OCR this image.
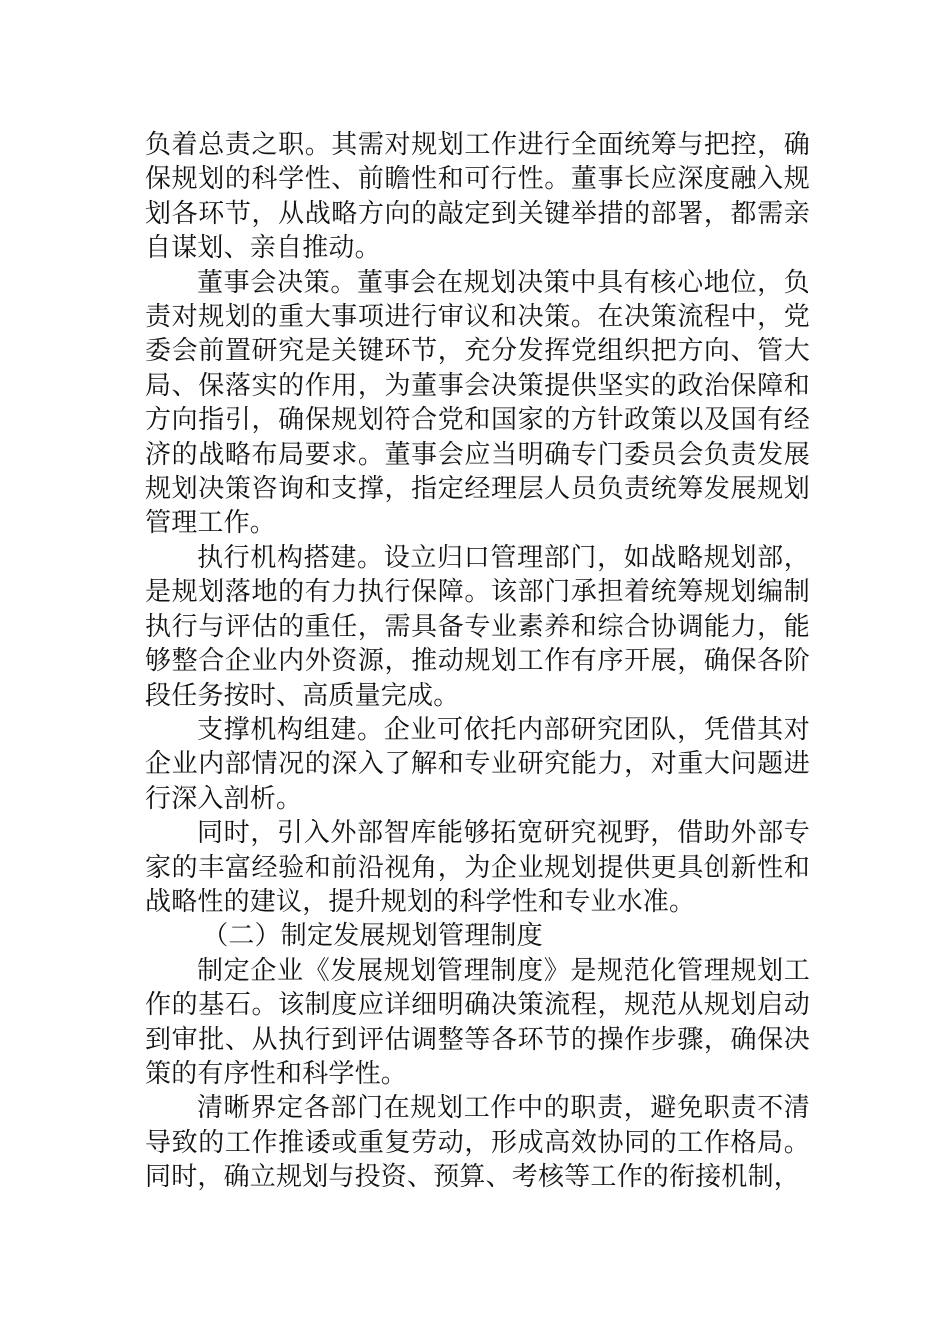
负着总责之职。其需对规划工作进行全面统筹与把控，确保规划的科学性、前瞻性和可行性。董事长应深度融入规划各环节，从战略方向的敲定到关键举措的部署，都需亲自谋划、亲自推动。

董事会决策。董事会在规划决策中具有核心地位，负责对规划的重大事项进行审议和决策。在决策流程中，党委会前置研究是关键环节，充分发挥党组织把方向、管大局、保落实的作用，为董事会决策提供坚实的政治保障和方向指引，确保规划符合党和国家的方针政策以及国有经济的战略布局要求。董事会应当明确专门委员会负责发展规划决策咨询和支撑，指定经理层人员负责统筹发展规划管理工作。

执行机构搭建。设立归口管理部门，如战略规划部，是规划落地的有力执行保障。该部门承担着统筹规划编制执行与评估的重任，需具备专业素养和综合协调能力，能够整合企业内外资源，推动规划工作有序开展，确保各阶段任务按时、高质量完成。

支撑机构组建。企业可依托内部研究团队，凭借其对企业内部情况的深入了解和专业研究能力，对重大问题进行深入剖析。

同时，引入外部智库能够拓宽研究视野，借助外部专家的丰富经验和前沿视角，为企业规划提供更具创新性和战略性的建议，提升规划的科学性和专业水准。

（二）制定发展规划管理制度

制定企业《发展规划管理制度》是规范化管理规划工作的基石。该制度应详细明确决策流程，规范从规划启动到审批、从执行到评估调整等各环节的操作步骤，确保决策的有序性和科学性。

清晰界定各部门在规划工作中的职责，避免职责不清导致的工作推诿或重复劳动，形成高效协同的工作格局。同时，确立规划与投资、预算、考核等工作的衔接机制，
